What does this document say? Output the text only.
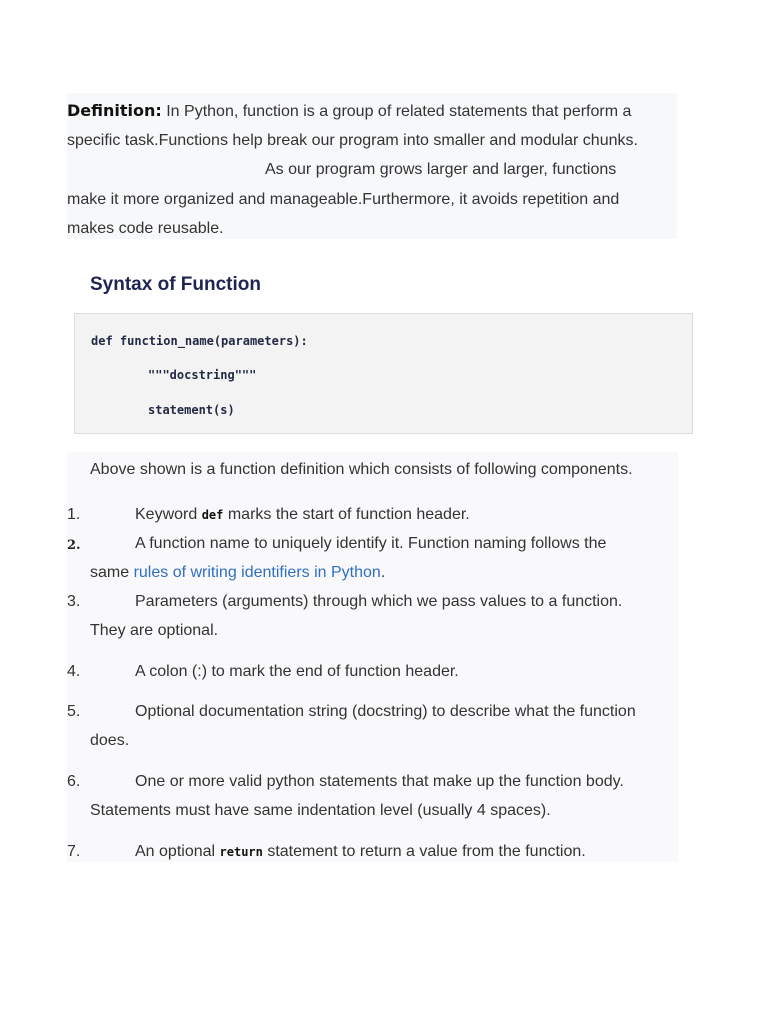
Definition: In Python, function is a group of related statements that perform a
specific task.Functions help break our program into smaller and modular chunks.
As our program grows larger and larger, functions
make it more organized and manageable.Furthermore, it avoids repetition and
makes code reusable.
Syntax of Function
def function_name(parameters):
"""docstring"""
statement(s)
Above shown is a function definition which consists of following components.
1.	Keyword def marks the start of function header.
2.	A function name to uniquely identify it. Function naming follows the
same rules of writing identifiers in Python.
3.	Parameters (arguments) through which we pass values to a function.
They are optional.
4.	A colon (:) to mark the end of function header.
5.	Optional documentation string (docstring) to describe what the function
does.
6.	One or more valid python statements that make up the function body.
Statements must have same indentation level (usually 4 spaces).
7.	An optional return statement to return a value from the function.
